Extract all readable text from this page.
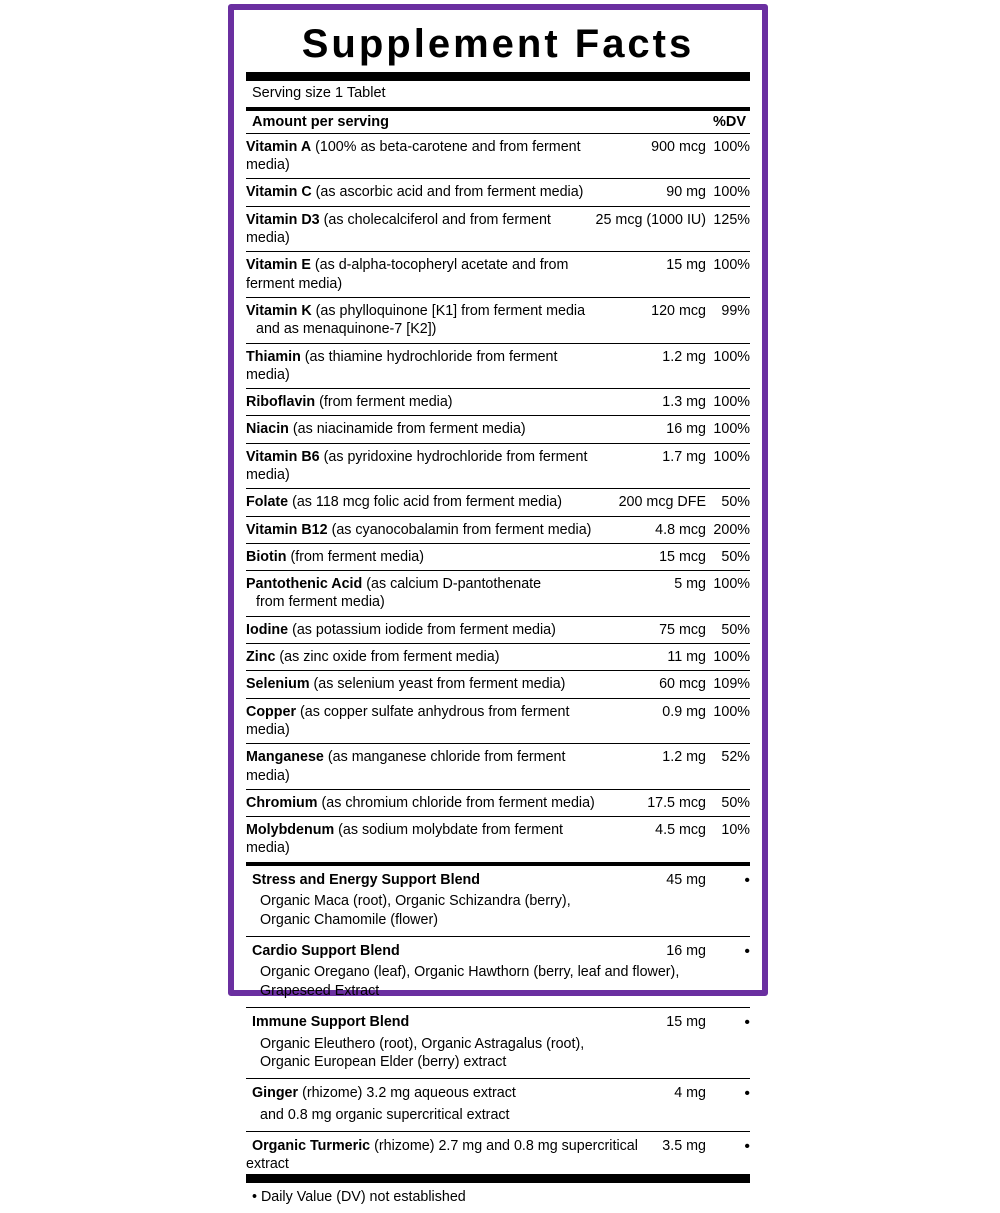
Supplement Facts
Serving size 1 Tablet
Amount per serving	%DV
Vitamin A (100% as beta-carotene and from ferment media)	900 mcg	100%
Vitamin C (as ascorbic acid and from ferment media)	90 mg	100%
Vitamin D3 (as cholecalciferol and from ferment media)	25 mcg (1000 IU)	125%
Vitamin E (as d-alpha-tocopheryl acetate and from ferment media)	15 mg	100%
Vitamin K (as phylloquinone [K1] from ferment media
and as menaquinone-7 [K2])	120 mcg	99%
Thiamin (as thiamine hydrochloride from ferment media)	1.2 mg	100%
Riboflavin (from ferment media)	1.3 mg	100%
Niacin (as niacinamide from ferment media)	16 mg	100%
Vitamin B6 (as pyridoxine hydrochloride from ferment media)	1.7 mg	100%
Folate (as 118 mcg folic acid from ferment media)	200 mcg DFE	50%
Vitamin B12 (as cyanocobalamin from ferment media)	4.8 mcg	200%
Biotin (from ferment media)	15 mcg	50%
Pantothenic Acid (as calcium D-pantothenate
from ferment media)	5 mg	100%
Iodine (as potassium iodide from ferment media)	75 mcg	50%
Zinc (as zinc oxide from ferment media)	11 mg	100%
Selenium (as selenium yeast from ferment media)	60 mcg	109%
Copper (as copper sulfate anhydrous from ferment media)	0.9 mg	100%
Manganese (as manganese chloride from ferment media)	1.2 mg	52%
Chromium (as chromium chloride from ferment media)	17.5 mcg	50%
Molybdenum (as sodium molybdate from ferment media)	4.5 mcg	10%
Stress and Energy Support Blend	45 mg	•
Organic Maca (root), Organic Schizandra (berry),
Organic Chamomile (flower)		
Cardio Support Blend	16 mg	•
Organic Oregano (leaf), Organic Hawthorn (berry, leaf and flower),
Grapeseed Extract		
Immune Support Blend	15 mg	•
Organic Eleuthero (root), Organic Astragalus (root),
Organic European Elder (berry) extract		
Ginger (rhizome) 3.2 mg aqueous extract	4 mg	•
and 0.8 mg organic supercritical extract		
Organic Turmeric (rhizome) 2.7 mg and 0.8 mg supercritical extract	3.5 mg	•
• Daily Value (DV) not established
